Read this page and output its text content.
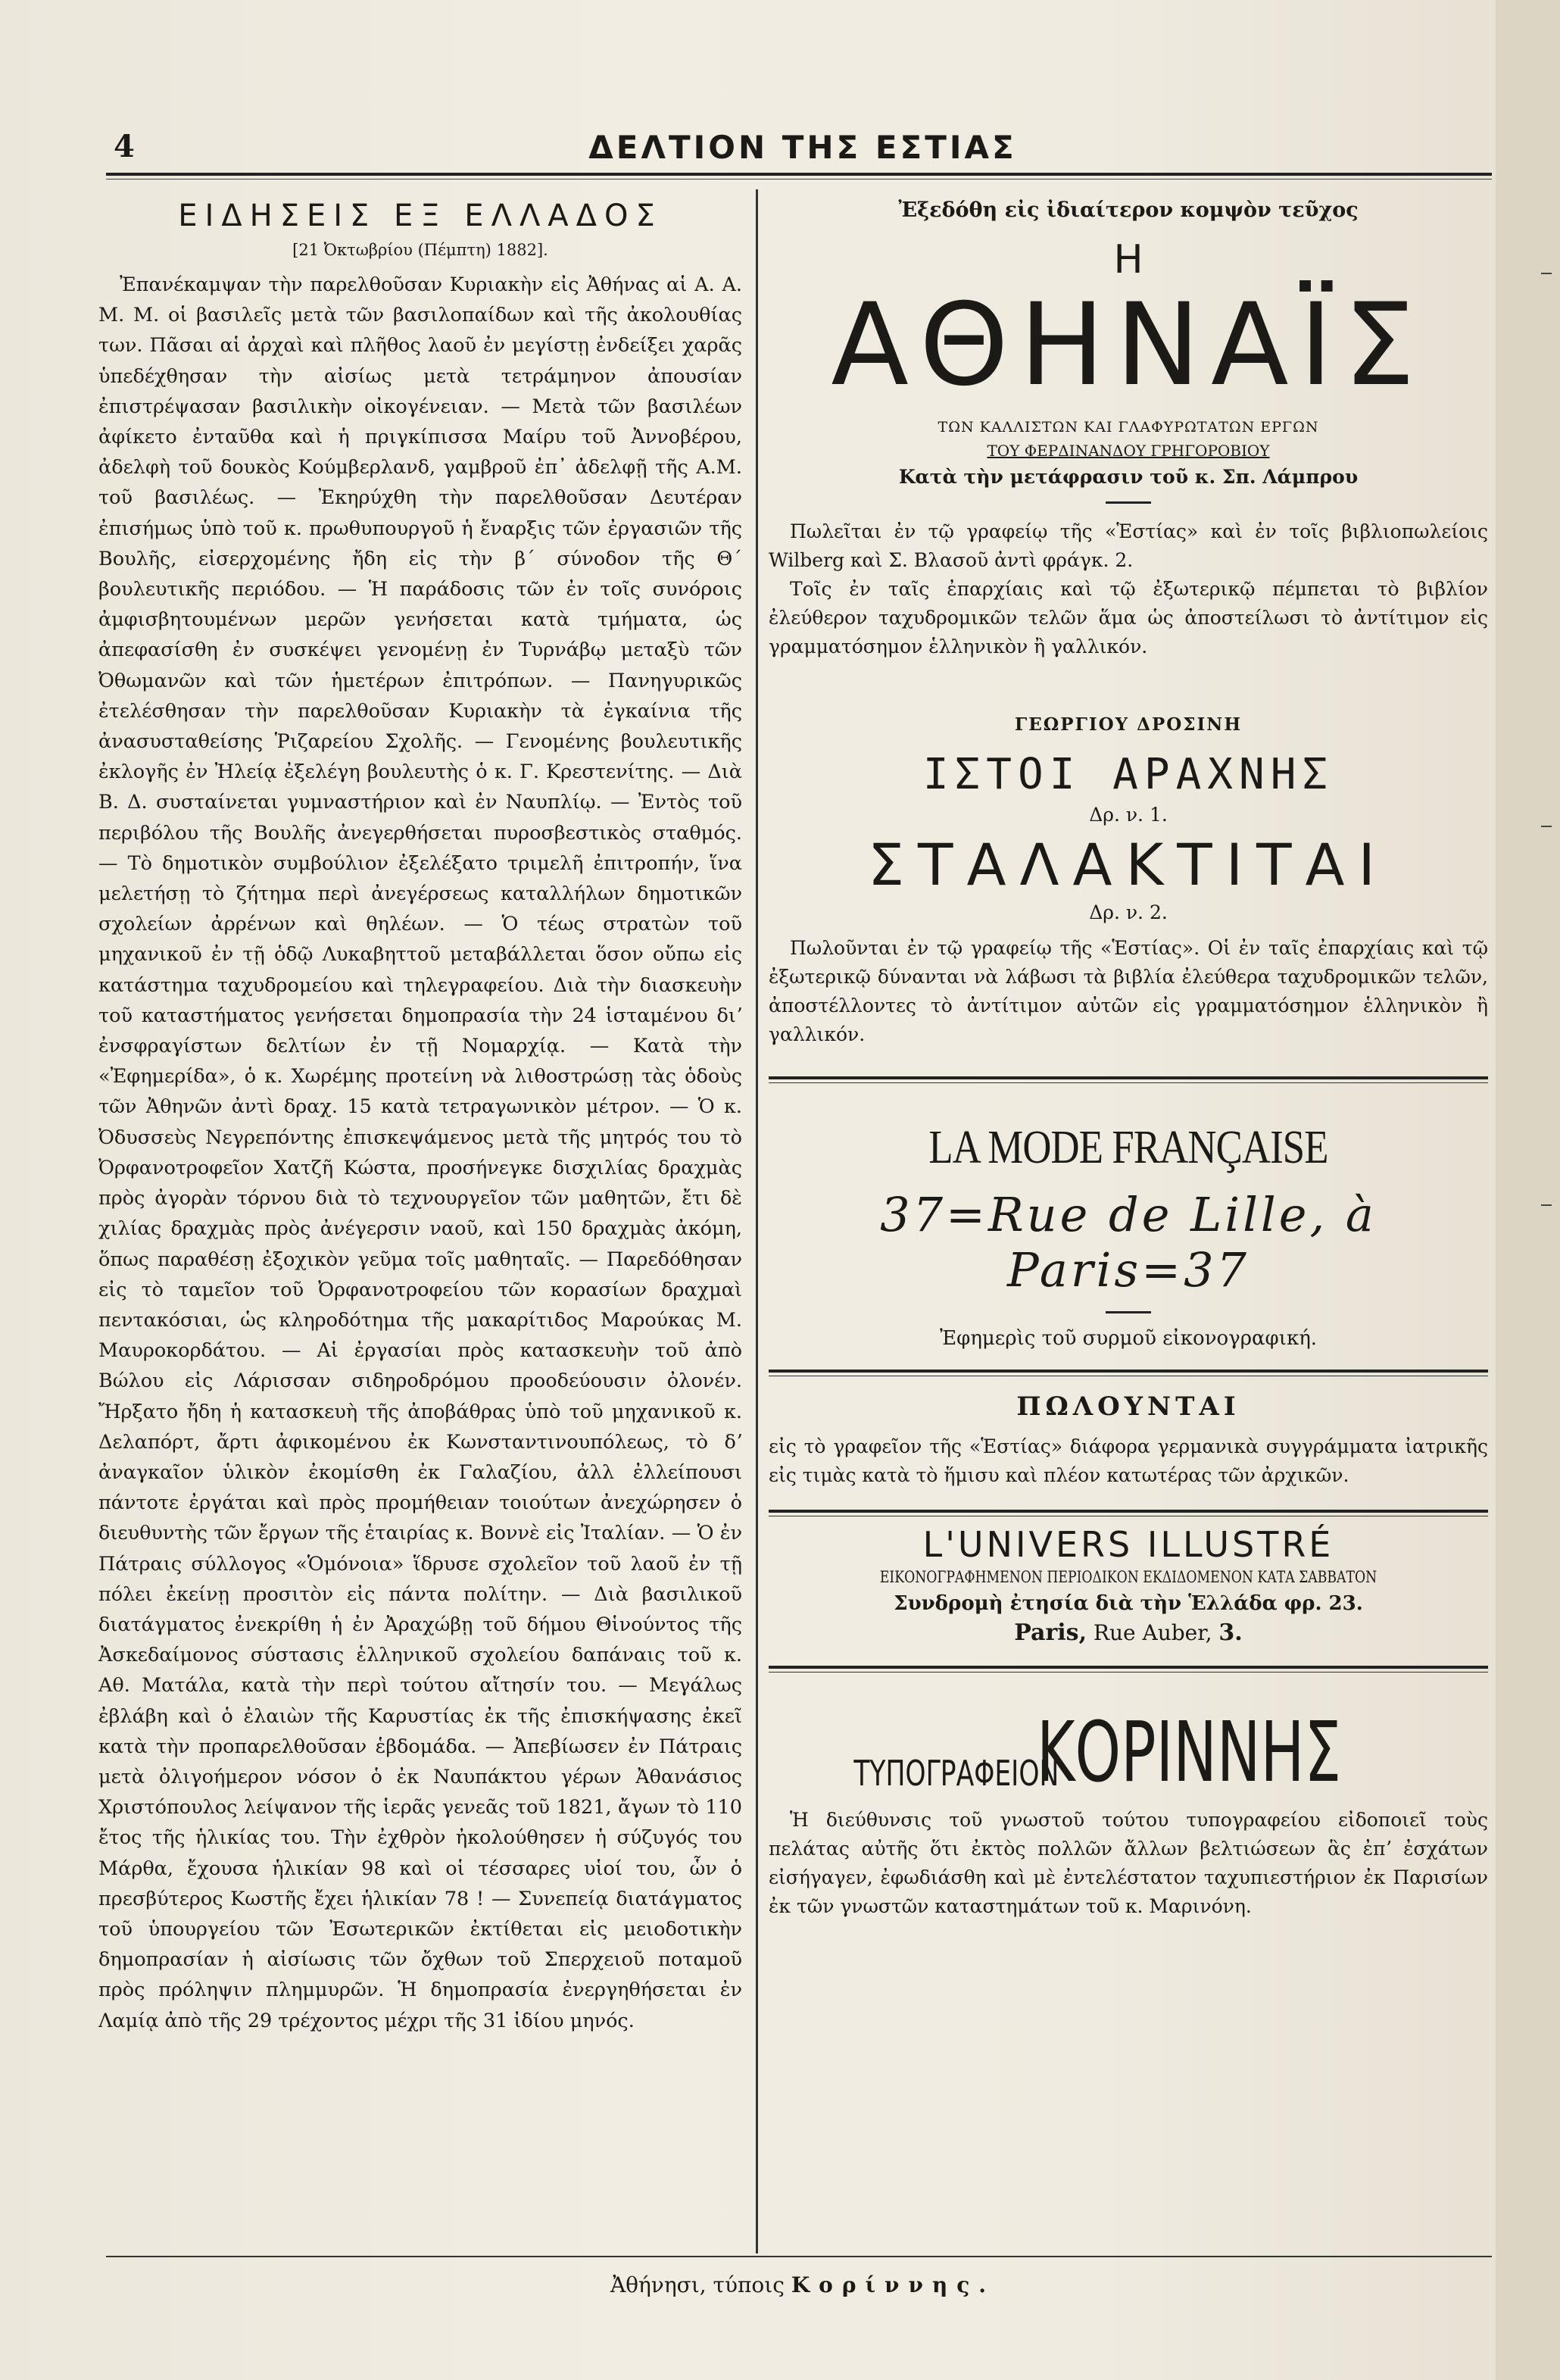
4	ΔΕΛΤΙΟΝ ΤΗΣ ΕΣΤΙΑΣ
ΕΙΔΗΣΕΙΣ ΕΞ ΕΛΛΑΔΟΣ
[21 Ὀκτωβρίου (Πέμπτη) 1882].

Ἐπανέκαμψαν τὴν παρελθοῦσαν Κυριακὴν εἰς Ἀθήνας αἱ Α. Α. Μ. Μ. οἱ βασιλεῖς μετὰ τῶν βασιλοπαίδων καὶ τῆς ἀκολουθίας των. Πᾶσαι αἱ ἀρχαὶ καὶ πλῆθος λαοῦ ἐν μεγίστῃ ἐνδείξει χαρᾶς ὑπεδέχθησαν τὴν αἰσίως μετὰ τετράμηνον ἀπουσίαν ἐπιστρέψασαν βασιλικὴν οἰκογένειαν. — Μετὰ τῶν βασιλέων ἀφίκετο ἐνταῦθα καὶ ἡ πριγκίπισσα Μαίρυ τοῦ Ἀννοβέρου, ἀδελφὴ τοῦ δουκὸς Κούμβερλανδ, γαμβροῦ ἐπ᾿ ἀδελφῇ τῆς Α.Μ. τοῦ βασιλέως. — Ἐκηρύχθη τὴν παρελθοῦσαν Δευτέραν ἐπισήμως ὑπὸ τοῦ κ. πρωθυπουργοῦ ἡ ἔναρξις τῶν ἐργασιῶν τῆς Βουλῆς, εἰσερχομένης ἤδη εἰς τὴν β´ σύνοδον τῆς Θ´ βουλευτικῆς περιόδου. — Ἡ παράδοσις τῶν ἐν τοῖς συνόροις ἀμφισβητουμένων μερῶν γενήσεται κατὰ τμήματα, ὡς ἀπεφασίσθη ἐν συσκέψει γενομένῃ ἐν Τυρνάβῳ μεταξὺ τῶν Ὀθωμανῶν καὶ τῶν ἡμετέρων ἐπιτρόπων. — Πανηγυρικῶς ἐτελέσθησαν τὴν παρελθοῦσαν Κυριακὴν τὰ ἐγκαίνια τῆς ἀνασυσταθείσης Ῥιζαρείου Σχολῆς. — Γενομένης βουλευτικῆς ἐκλογῆς ἐν Ἠλείᾳ ἐξελέγη βουλευτὴς ὁ κ. Γ. Κρεστενίτης. — Διὰ Β. Δ. συσταίνεται γυμναστήριον καὶ ἐν Ναυπλίῳ. — Ἐντὸς τοῦ περιβόλου τῆς Βουλῆς ἀνεγερθήσεται πυροσβεστικὸς σταθμός. — Τὸ δημοτικὸν συμβούλιον ἐξελέξατο τριμελῆ ἐπιτροπήν, ἵνα μελετήσῃ τὸ ζήτημα περὶ ἀνεγέρσεως καταλλήλων δημοτικῶν σχολείων ἀρρένων καὶ θηλέων. — Ὁ τέως στρατὼν τοῦ μηχανικοῦ ἐν τῇ ὁδῷ Λυκαβηττοῦ μεταβάλλεται ὅσον οὔπω εἰς κατάστημα ταχυδρομείου καὶ τηλεγραφείου. Διὰ τὴν διασκευὴν τοῦ καταστήματος γενήσεται δημοπρασία τὴν 24 ἱσταμένου διʼ ἐνσφραγίστων δελτίων ἐν τῇ Νομαρχίᾳ. — Κατὰ τὴν «Ἐφημερίδα», ὁ κ. Χωρέμης προτείνη νὰ λιθοστρώσῃ τὰς ὁδοὺς τῶν Ἀθηνῶν ἀντὶ δραχ. 15 κατὰ τετραγωνικὸν μέτρον. — Ὁ κ. Ὀδυσσεὺς Νεγρεπόντης ἐπισκεψάμενος μετὰ τῆς μητρός του τὸ Ὀρφανοτροφεῖον Χατζῆ Κώστα, προσήνεγκε δισχιλίας δραχμὰς πρὸς ἀγορὰν τόρνου διὰ τὸ τεχνουργεῖον τῶν μαθητῶν, ἔτι δὲ χιλίας δραχμὰς πρὸς ἀνέγερσιν ναοῦ, καὶ 150 δραχμὰς ἀκόμη, ὅπως παραθέσῃ ἐξοχικὸν γεῦμα τοῖς μαθηταῖς. — Παρεδόθησαν εἰς τὸ ταμεῖον τοῦ Ὀρφανοτροφείου τῶν κορασίων δραχμαὶ πεντακόσιαι, ὡς κληροδότημα τῆς μακαρίτιδος Μαρούκας Μ. Μαυροκορδάτου. — Αἱ ἐργασίαι πρὸς κατασκευὴν τοῦ ἀπὸ Βώλου εἰς Λάρισσαν σιδηροδρόμου προοδεύουσιν ὀλονέν. Ἤρξατο ἤδη ἡ κατασκευὴ τῆς ἀποβάθρας ὑπὸ τοῦ μηχανικοῦ κ. Δελαπόρτ, ἄρτι ἀφικομένου ἐκ Κωνσταντινουπόλεως, τὸ δʼ ἀναγκαῖον ὑλικὸν ἐκομίσθη ἐκ Γαλαζίου, ἀλλ ἐλλείπουσι πάντοτε ἐργάται καὶ πρὸς προμήθειαν τοιούτων ἀνεχώρησεν ὁ διευθυντὴς τῶν ἔργων τῆς ἑταιρίας κ. Βοννὲ εἰς Ἰταλίαν. — Ὁ ἐν Πάτραις σύλλογος «Ὁμόνοια» ἵδρυσε σχολεῖον τοῦ λαοῦ ἐν τῇ πόλει ἐκείνῃ προσιτὸν εἰς πάντα πολίτην. — Διὰ βασιλικοῦ διατάγματος ἐνεκρίθη ἡ ἐν Ἀραχώβῃ τοῦ δήμου Θἱνούντος τῆς Ἀσκεδαίμονος σύστασις ἑλληνικοῦ σχολείου δαπάναις τοῦ κ. Αθ. Ματάλα, κατὰ τὴν περὶ τούτου αἴτησίν του. — Μεγάλως ἐβλάβη καὶ ὁ ἐλαιὼν τῆς Καρυστίας ἐκ τῆς ἐπισκήψασης ἐκεῖ κατὰ τὴν προπαρελθοῦσαν ἑβδομάδα. — Ἀπεβίωσεν ἐν Πάτραις μετὰ ὀλιγοήμερον νόσον ὁ ἐκ Ναυπάκτου γέρων Ἀθανάσιος Χριστόπουλος λείψανον τῆς ἱερᾶς γενεᾶς τοῦ 1821, ἄγων τὸ 110 ἔτος τῆς ἡλικίας του. Τὴν ἐχθρὸν ἠκολούθησεν ἡ σύζυγός του Μάρθα, ἔχουσα ἡλικίαν 98 καὶ οἱ τέσσαρες υἱοί του, ὧν ὁ πρεσβύτερος Κωστῆς ἔχει ἡλικίαν 78 ! — Συνεπείᾳ διατάγματος τοῦ ὑπουργείου τῶν Ἐσωτερικῶν ἐκτίθεται εἰς μειοδοτικὴν δημοπρασίαν ἡ αἰσίωσις τῶν ὄχθων τοῦ Σπερχειοῦ ποταμοῦ πρὸς πρόληψιν πλημμυρῶν. Ἡ δημοπρασία ἐνεργηθήσεται ἐν Λαμίᾳ ἀπὸ τῆς 29 τρέχοντος μέχρι τῆς 31 ἰδίου μηνός.

Ἐξεδόθη εἰς ἰδιαίτερον κομψὸν τεῦχος
Η
ΑΘΗΝΑΪΣ
ΤΩΝ ΚΑΛΛΙΣΤΩΝ ΚΑΙ ΓΛΑΦΥΡΩΤΑΤΩΝ ΕΡΓΩΝ
ΤΟΥ ΦΕΡΔΙΝΑΝΔΟΥ ΓΡΗΓΟΡΟΒΙΟΥ
Κατὰ τὴν μετάφρασιν τοῦ κ. Σπ. Λάμπρου

Πωλεῖται ἐν τῷ γραφείῳ τῆς «Ἑστίας» καὶ ἐν τοῖς βιβλιοπωλείοις Wilberg καὶ Σ. Βλασοῦ ἀντὶ φράγκ. 2.

Τοῖς ἐν ταῖς ἐπαρχίαις καὶ τῷ ἐξωτερικῷ πέμπεται τὸ βιβλίον ἐλεύθερον ταχυδρομικῶν τελῶν ἅμα ὡς ἀποστείλωσι τὸ ἀντίτιμον εἰς γραμματόσημον ἑλληνικὸν ἢ γαλλικόν.

ΓΕΩΡΓΙΟΥ ΔΡΟΣΙΝΗ
ΙΣΤΟΙ ΑΡΑΧΝΗΣ
Δρ. ν. 1.
ΣΤΑΛΑΚΤΙΤΑΙ
Δρ. ν. 2.

Πωλοῦνται ἐν τῷ γραφείῳ τῆς «Ἑστίας». Οἱ ἐν ταῖς ἐπαρχίαις καὶ τῷ ἐξωτερικῷ δύνανται νὰ λάβωσι τὰ βιβλία ἐλεύθερα ταχυδρομικῶν τελῶν, ἀποστέλλοντες τὸ ἀντίτιμον αὐτῶν εἰς γραμματόσημον ἑλληνικὸν ἢ γαλλικόν.

LA MODE FRANÇAISE
37=Rue de Lille, à Paris=37
Ἐφημερὶς τοῦ συρμοῦ εἰκονογραφική.
ΠΩΛΟΥΝΤΑΙ

εἰς τὸ γραφεῖον τῆς «Ἑστίας» διάφορα γερμανικὰ συγγράμματα ἰατρικῆς εἰς τιμὰς κατὰ τὸ ἥμισυ καὶ πλέον κατωτέρας τῶν ἀρχικῶν.

L'UNIVERS ILLUSTRÉ
ΕΙΚΟΝΟΓΡΑΦΗΜΕΝΟΝ ΠΕΡΙΟΔΙΚΟΝ ΕΚΔΙΔΟΜΕΝΟΝ ΚΑΤΑ ΣΑΒΒΑΤΟΝ
Συνδρομὴ ἐτησία διὰ τὴν Ἑλλάδα φρ. 23.
Paris, Rue Auber, 3.
ΤΥΠΟΓΡΑΦΕΙΟΝ
ΚΟΡΙΝΝΗΣ

Ἡ διεύθυνσις τοῦ γνωστοῦ τούτου τυπογραφείου εἰδοποιεῖ τοὺς πελάτας αὐτῆς ὅτι ἐκτὸς πολλῶν ἄλλων βελτιώσεων ἃς ἐπʼ ἐσχάτων εἰσήγαγεν, ἐφωδιάσθη καὶ μὲ ἐντελέστατον ταχυπιεστήριον ἐκ Παρισίων ἐκ τῶν γνωστῶν καταστημάτων τοῦ κ. Μαρινόνη.

Ἀθήνησι, τύποις Κορίννης.
